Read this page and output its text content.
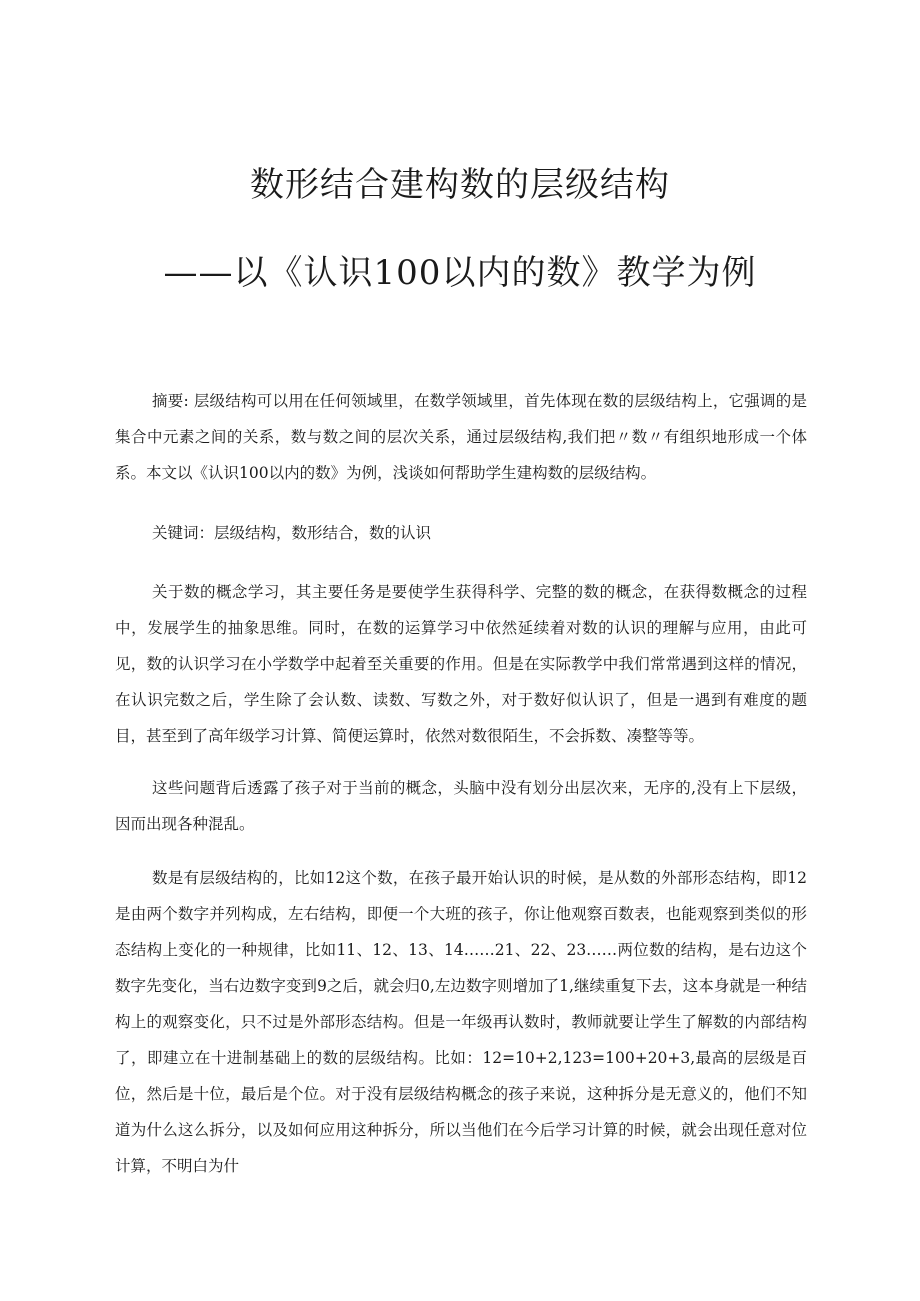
数形结合建构数的层级结构
——以《认识100以内的数》教学为例

摘要: 层级结构可以用在任何领域里，在数学领域里，首先体现在数的层级结构上，它强调的是集合中元素之间的关系，数与数之间的层次关系，通过层级结构,我们把〃数〃有组织地形成一个体系。本文以《认识100以内的数》为例，浅谈如何帮助学生建构数的层级结构。

关键词：层级结构，数形结合，数的认识

关于数的概念学习，其主要任务是要使学生获得科学、完整的数的概念，在获得数概念的过程中，发展学生的抽象思维。同时，在数的运算学习中依然延续着对数的认识的理解与应用，由此可见，数的认识学习在小学数学中起着至关重要的作用。但是在实际教学中我们常常遇到这样的情况，在认识完数之后，学生除了会认数、读数、写数之外，对于数好似认识了，但是一遇到有难度的题目，甚至到了高年级学习计算、简便运算时，依然对数很陌生，不会拆数、凑整等等。

这些问题背后透露了孩子对于当前的概念，头脑中没有划分出层次来，无序的,没有上下层级，因而出现各种混乱。

数是有层级结构的，比如12这个数，在孩子最开始认识的时候，是从数的外部形态结构，即12是由两个数字并列构成，左右结构，即便一个大班的孩子，你让他观察百数表，也能观察到类似的形态结构上变化的一种规律，比如11、12、13、14……21、22、23……两位数的结构，是右边这个数字先变化，当右边数字变到9之后，就会归0,左边数字则增加了1,继续重复下去，这本身就是一种结构上的观察变化，只不过是外部形态结构。但是一年级再认数时，教师就要让学生了解数的内部结构了，即建立在十进制基础上的数的层级结构。比如：12=10+2,123=100+20+3,最高的层级是百位，然后是十位，最后是个位。对于没有层级结构概念的孩子来说，这种拆分是无意义的，他们不知道为什么这么拆分，以及如何应用这种拆分，所以当他们在今后学习计算的时候，就会出现任意对位计算，不明白为什
